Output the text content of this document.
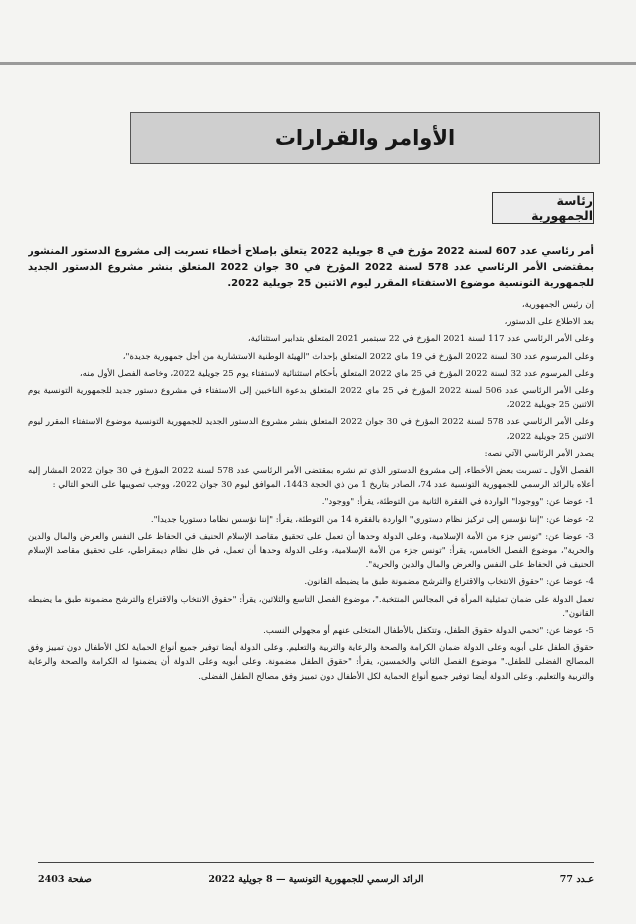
الأوامر والقرارات
رئاسة الجمهورية

أمر رئاسي عدد 607 لسنة 2022 مؤرخ في 8 جويلية 2022 يتعلق بإصلاح أخطاء تسربت إلى مشروع الدستور المنشور بمقتضى الأمر الرئاسي عدد 578 لسنة 2022 المؤرخ في 30 جوان 2022 المتعلق بنشر مشروع الدستور الجديد للجمهورية التونسية موضوع الاستفتاء المقرر ليوم الاثنين 25 جويلية 2022.

إن رئيس الجمهورية،

بعد الاطلاع على الدستور،

وعلى الأمر الرئاسي عدد 117 لسنة 2021 المؤرخ في 22 سبتمبر 2021 المتعلق بتدابير استثنائية،

وعلى المرسوم عدد 30 لسنة 2022 المؤرخ في 19 ماي 2022 المتعلق بإحداث "الهيئة الوطنية الاستشارية من أجل جمهورية جديدة"،

وعلى المرسوم عدد 32 لسنة 2022 المؤرخ في 25 ماي 2022 المتعلق بأحكام استثنائية لاستفتاء يوم 25 جويلية 2022، وخاصة الفصل الأول منه،

وعلى الأمر الرئاسي عدد 506 لسنة 2022 المؤرخ في 25 ماي 2022 المتعلق بدعوة الناخبين إلى الاستفتاء في مشروع دستور جديد للجمهورية التونسية يوم الاثنين 25 جويلية 2022،

وعلى الأمر الرئاسي عدد 578 لسنة 2022 المؤرخ في 30 جوان 2022 المتعلق بنشر مشروع الدستور الجديد للجمهورية التونسية موضوع الاستفتاء المقرر ليوم الاثنين 25 جويلية 2022،

يصدر الأمر الرئاسي الآتي نصه:

الفصل الأول ـ تسربت بعض الأخطاء، إلى مشروع الدستور الذي تم نشره بمقتضى الأمر الرئاسي عدد 578 لسنة 2022 المؤرخ في 30 جوان 2022 المشار إليه أعلاه بالرائد الرسمي للجمهورية التونسية عدد 74، الصادر بتاريخ 1 من ذي الحجة 1443، الموافق ليوم 30 جوان 2022، ووجب تصويبها على النحو التالي :

1- عوضا عن: "ووجودا" الواردة في الفقرة الثانية من التوطئة، يقرأ: "ووجود".

2- عوضا عن: "إننا نؤسس إلى تركيز نظام دستوري" الواردة بالفقرة 14 من التوطئة، يقرأ: "إننا نؤسس نظاما دستوريا جديدا".

3- عوضا عن: "تونس جزء من الأمة الإسلامية، وعلى الدولة وحدها أن تعمل على تحقيق مقاصد الإسلام الحنيف في الحفاظ على النفس والعرض والمال والدين والحرية"، موضوع الفصل الخامس، يقرأ: "تونس جزء من الأمة الإسلامية، وعلى الدولة وحدها أن تعمل، في ظل نظام ديمقراطي، على تحقيق مقاصد الإسلام الحنيف في الحفاظ على النفس والعرض والمال والدين والحرية".

4- عوضا عن: "حقوق الانتخاب والاقتراع والترشح مضمونة طبق ما يضبطه القانون.

تعمل الدولة على ضمان تمثيلية المرأة في المجالس المنتخبة."، موضوع الفصل التاسع والثلاثين، يقرأ: "حقوق الانتخاب والاقتراع والترشح مضمونة طبق ما يضبطه القانون".

5- عوضا عن: "تحمي الدولة حقوق الطفل، وتتكفل بالأطفال المتخلى عنهم أو مجهولي النسب.

حقوق الطفل على أبويه وعلى الدولة ضمان الكرامة والصحة والرعاية والتربية والتعليم. وعلى الدولة أيضا توفير جميع أنواع الحماية لكل الأطفال دون تمييز وفق المصالح الفضلى للطفل." موضوع الفصل الثاني والخمسين، يقرأ: "حقوق الطفل مضمونة. وعلى أبويه وعلى الدولة أن يضمنوا له الكرامة والصحة والرعاية والتربية والتعليم. وعلى الدولة أيضا توفير جميع أنواع الحماية لكل الأطفال دون تمييز وفق مصالح الطفل الفضلى.

عـدد 77
الرائد الرسمي للجمهورية التونسية — 8 جويلية 2022
صفحة 2403
